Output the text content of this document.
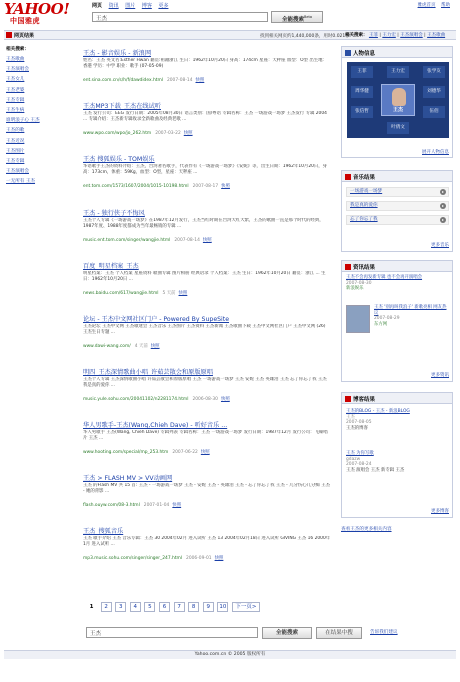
YAHOO!
中国雅虎
网页 资讯 图片 博客 更多
王杰	全能搜索$^{Beta}$
雅虎首页 帮助
网页结果	找到相关网页约1,440,000条，用时0.021秒
相关搜索： 王菲 | 王力宏 | 王杰演唱会 | 王杰歌曲
相关搜索：
王杰歌曲
王杰演唱会
王杰女儿
王杰老婆
王杰专辑
王杰生病
谁明浪子心 王杰
王杰的歌
王杰近况
王杰图片
王杰专辑
王杰演唱会
一无所有 王杰
王杰 - 影音娱乐 - 新浪网
姓名：王杰 英文名:Esther Hwan 籍贯:祖籍浙江 生日：1962年10月20日 身高：174cm 星座：天秤座 血型：O型 出生地：香港 学历：中学 职业：歌手 (07-05-09)
ent.sina.com.cn/s/h/f/dawdidex.html 2007-08-14 快照
王杰MP3下载_王杰在线试听
王杰 发行公司：EEG 发行日期：2005年08月30日 语言类别：国/粤语 专辑名称：王杰 一场游戏一场梦 王杰发行 专辑 2004 ... 专辑介绍：王杰新专辑收录全新歌曲及经典老歌 ...
www.wpo.com/wpo/jo_262.htm 2007-03-22 快照
王杰 搜狐娱乐 - TOM娱乐
华语歌手王杰的资料介绍：王杰，台湾著名歌手，代表作有《一场游戏一场梦》《安妮》等，出生日期：1962年10月20日，身高：173cm，体重：59Kg，血型：O型，星座：天秤座 ...
ent.tom.com/1573/1607/2004/1015-10198.html 2007-08-17 快照
王杰 - 独行侠子不悔风
王杰个人专辑《一场游戏一场梦》在1987年12月发行，王杰当红时期在台湾大红大紫，王杰的歌曲一直是那个时代的经典，1987年度、1988年度都成为当年最畅销的专辑 ...
music.ent.tom.com/singer/wangjie.html 2007-08-14 快照
百度_明星档案_王杰
明星档案：王杰 个人档案 星座资料 歌曲专辑 图片相册 经典语录 个人档案：王杰 生日：1962年10月20日 籍贯：浙江 ... 生日：1962年10月20日 ...
news.baidu.com/617/wangjie.html 5 天前 快照
论坛 - 王杰中文网社区门户 - Powered By SupeSite
王杰论坛 王杰中文网 王杰歌迷会 王杰音乐 王杰图片 王杰资料 王杰新闻 王杰歌曲下载 王杰中文网社区门户 王杰中文网 (26) 王杰生日专题 ...
www.dawi-wang.com/ 4 天前 快照
明四_王杰深情歌曲小唱_许茹芸散会和原版原唱
王杰个人专辑 王杰深情歌曲小唱 许茹芸散会和原版原唱 王杰 一场游戏一场梦 王杰 安妮 王杰 英雄泪 王杰 忘了你忘了我 王杰 我是真的爱你 ...
music.yule.sohu.com/20041102/n2281174.html 2006-08-30 快照
华人男歌手-王杰(Wang,Chieh Dave) - 听好音乐 ...
华人男歌手 王杰(Wang, Chieh Dave) 专辑列表 专辑名称：王杰 一场游戏一场梦 发行日期：1987年12月 发行公司：飞碟唱片 王杰 ...
www.hooting.com/special/mp_253.htm 2007-06-22 快照
王杰 > FLASH MV > VV动画网
王杰 的Flash MV 共 15 首: 王杰 - 一场游戏一场梦 王杰 - 安妮 王杰 - 英雄泪 王杰 - 忘了你忘了我 王杰 - 几分伤心几分痴 王杰 - 她的背影 ...
flash.ouyw.com/08-3.html 2007-01-04 快照
王杰_搜狐音乐
王杰 歌手介绍 王杰 音乐专辑：王杰 30 2004年02月 进入试听 王杰 13 2004年02月18日 进入试听 GIVING 王杰 16 2000年1月 进入试听 ...
mp3.music.sohu.com/singer/singer_247.html 2006-09-01 快照
人物信息
王菲	王力宏	张学友
周华健	刘德华
张信哲	伍佰
叶倩文
王杰
展开人物信息
音乐结果
一场游戏一场梦
我是真的爱你
忘了你忘了我
更多音乐
资讯结果
王杰不会再发新专辑 也不会再开演唱会
2007-08-30
新浪娱乐
王杰 '别再叫我浪子' 新歌亮相 网友热议
2007-08-29
东方网
更多资讯
博客结果
王杰的BLOG - 王杰 - 新浪BLOG
王杰
2007-08-05
王杰的博客
王杰 为你写歌
gdazw
2007-08-24
王杰 演唱会 王杰 新专辑 王杰
更多博客
查看王杰的更多相关内容
1 2 3 4 5 6 7 8 9 10 下一页>
王杰	全能搜索	在结果中搜	告诉我们建议
Yahoo.com.cn © 2005 版权所有
